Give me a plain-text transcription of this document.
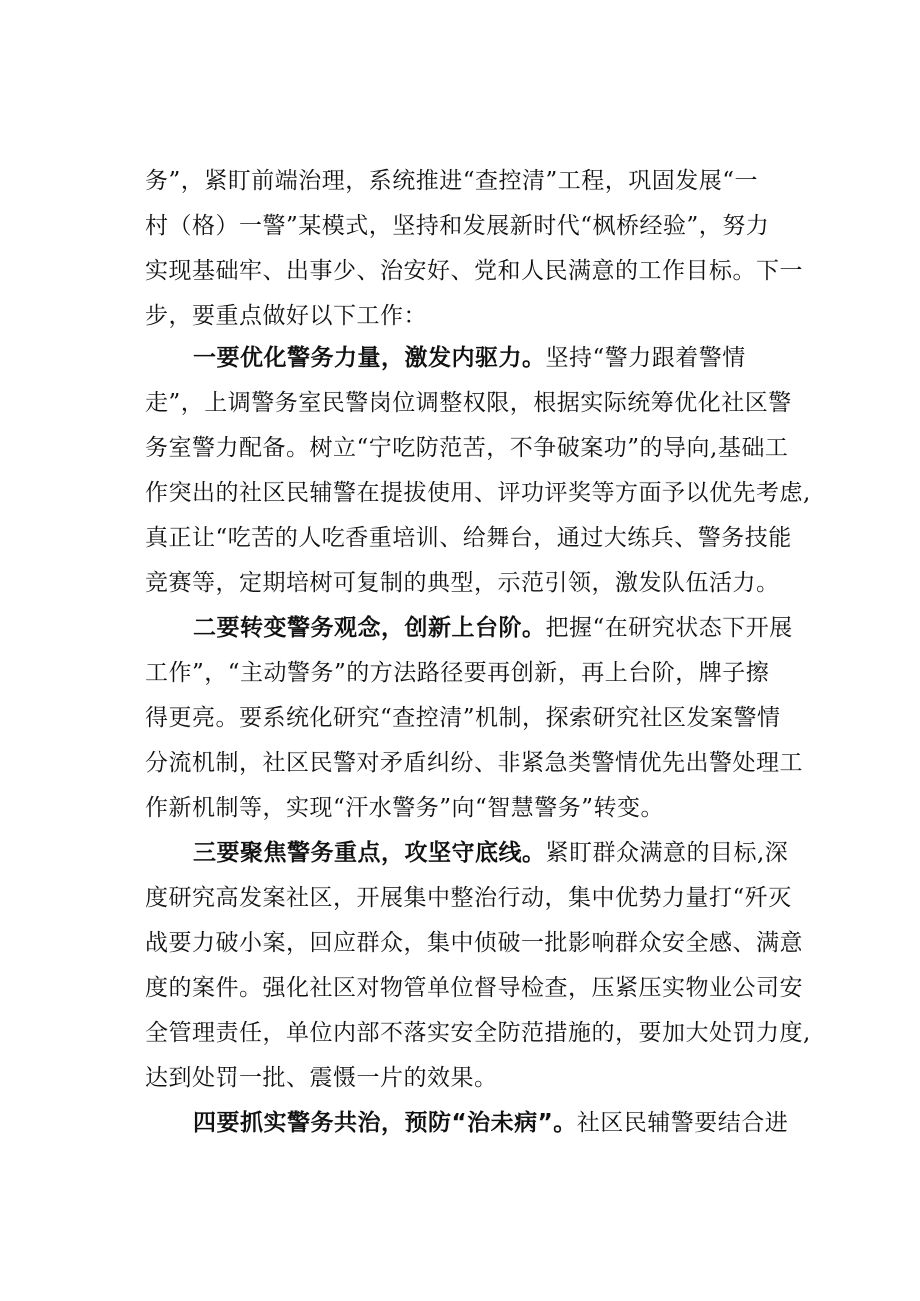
务”，紧盯前端治理，系统推进“查控清”工程，巩固发展“一
村（格）一警”某模式，坚持和发展新时代“枫桥经验”，努力
实现基础牢、出事少、治安好、党和人民满意的工作目标。下一
步，要重点做好以下工作：
一要优化警务力量，激发内驱力。坚持“警力跟着警情
走”，上调警务室民警岗位调整权限，根据实际统筹优化社区警
务室警力配备。树立“宁吃防范苦，不争破案功”的导向,基础工
作突出的社区民辅警在提拔使用、评功评奖等方面予以优先考虑,
真正让“吃苦的人吃香重培训、给舞台，通过大练兵、警务技能
竞赛等，定期培树可复制的典型，示范引领，激发队伍活力。
二要转变警务观念，创新上台阶。把握“在研究状态下开展
工作”，“主动警务”的方法路径要再创新，再上台阶，牌子擦
得更亮。要系统化研究“查控清”机制，探索研究社区发案警情
分流机制，社区民警对矛盾纠纷、非紧急类警情优先出警处理工
作新机制等，实现“汗水警务”向“智慧警务”转变。
三要聚焦警务重点，攻坚守底线。紧盯群众满意的目标,深
度研究高发案社区，开展集中整治行动，集中优势力量打“歼灭
战要力破小案，回应群众，集中侦破一批影响群众安全感、满意
度的案件。强化社区对物管单位督导检查，压紧压实物业公司安
全管理责任，单位内部不落实安全防范措施的，要加大处罚力度,
达到处罚一批、震慑一片的效果。
四要抓实警务共治，预防“治未病”。社区民辅警要结合进
